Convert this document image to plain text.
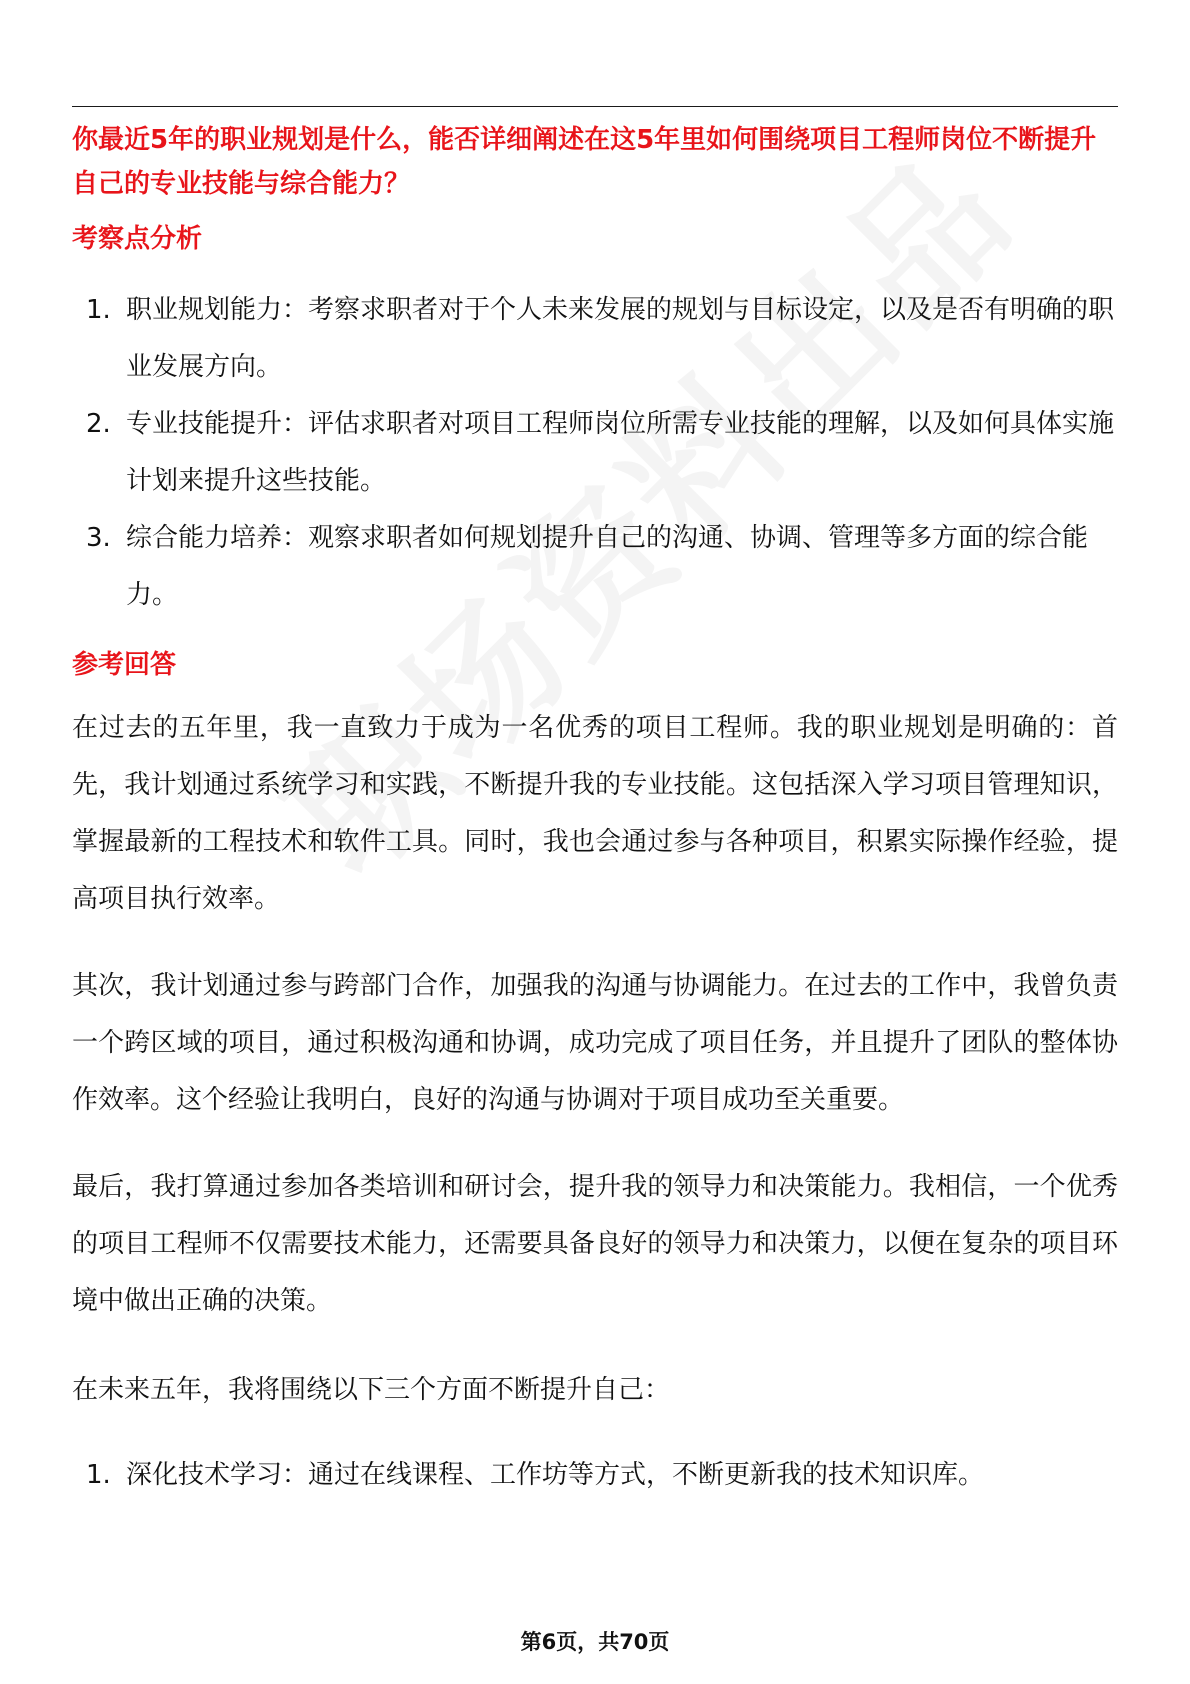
你最近5年的职业规划是什么，能否详细阐述在这5年里如何围绕项目工程师岗位不断提升自己的专业技能与综合能力？

考察点分析

1. 职业规划能力：考察求职者对于个人未来发展的规划与目标设定，以及是否有明确的职业发展方向。
2. 专业技能提升：评估求职者对项目工程师岗位所需专业技能的理解，以及如何具体实施计划来提升这些技能。
3. 综合能力培养：观察求职者如何规划提升自己的沟通、协调、管理等多方面的综合能力。

参考回答

在过去的五年里，我一直致力于成为一名优秀的项目工程师。我的职业规划是明确的：首先，我计划通过系统学习和实践，不断提升我的专业技能。这包括深入学习项目管理知识，掌握最新的工程技术和软件工具。同时，我也会通过参与各种项目，积累实际操作经验，提高项目执行效率。

其次，我计划通过参与跨部门合作，加强我的沟通与协调能力。在过去的工作中，我曾负责一个跨区域的项目，通过积极沟通和协调，成功完成了项目任务，并且提升了团队的整体协作效率。这个经验让我明白，良好的沟通与协调对于项目成功至关重要。

最后，我打算通过参加各类培训和研讨会，提升我的领导力和决策能力。我相信，一个优秀的项目工程师不仅需要技术能力，还需要具备良好的领导力和决策力，以便在复杂的项目环境中做出正确的决策。

在未来五年，我将围绕以下三个方面不断提升自己：

1. 深化技术学习：通过在线课程、工作坊等方式，不断更新我的技术知识库。
第6页，共70页
